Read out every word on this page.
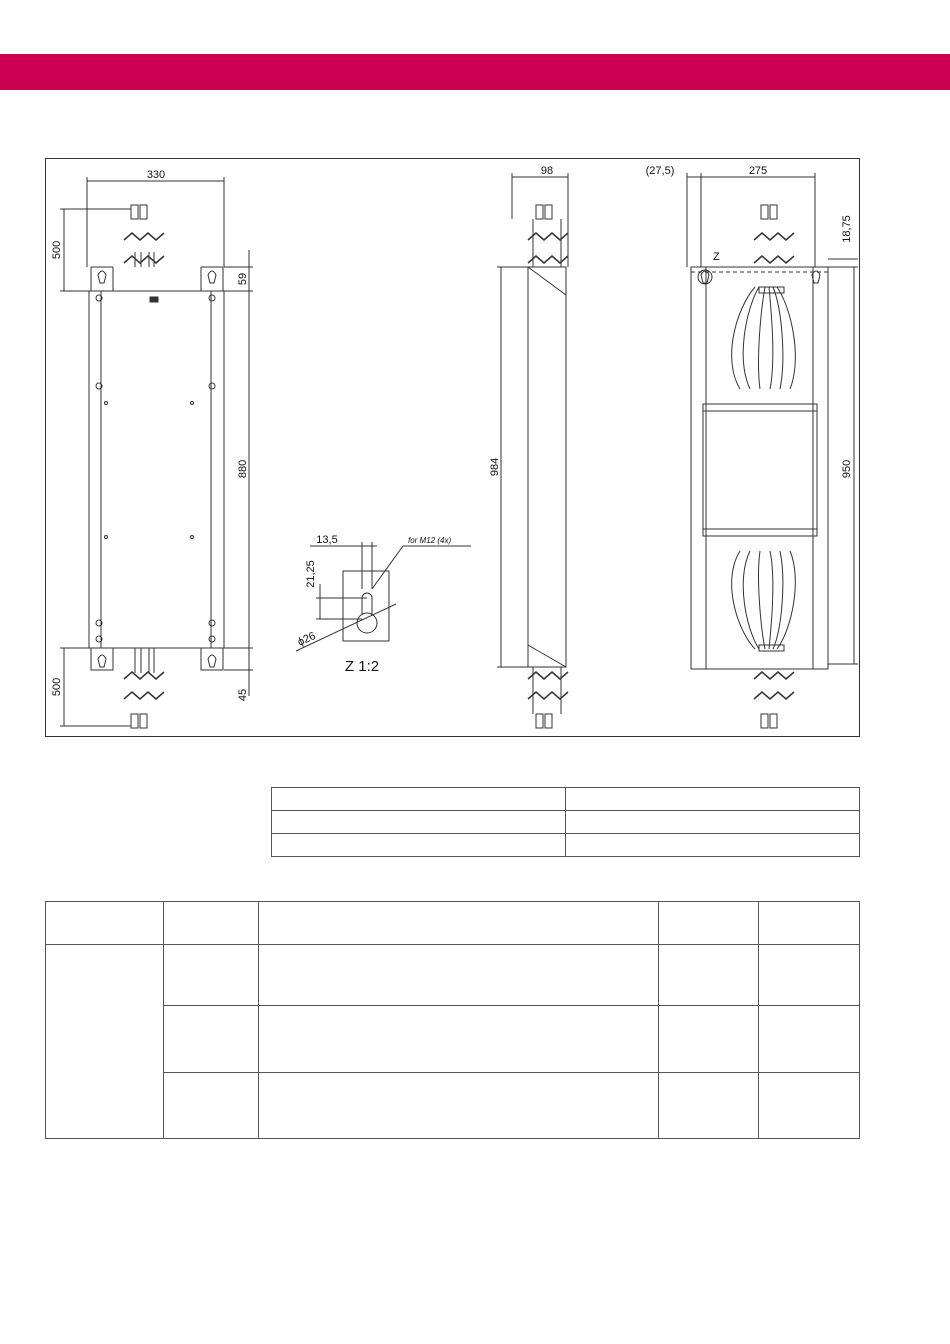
330
500
500
59
880
45
98
984
(27,5)	275
18,75
950
Z
13,5
21,25
ϕ26
for M12 (4x)
Z 1:2
